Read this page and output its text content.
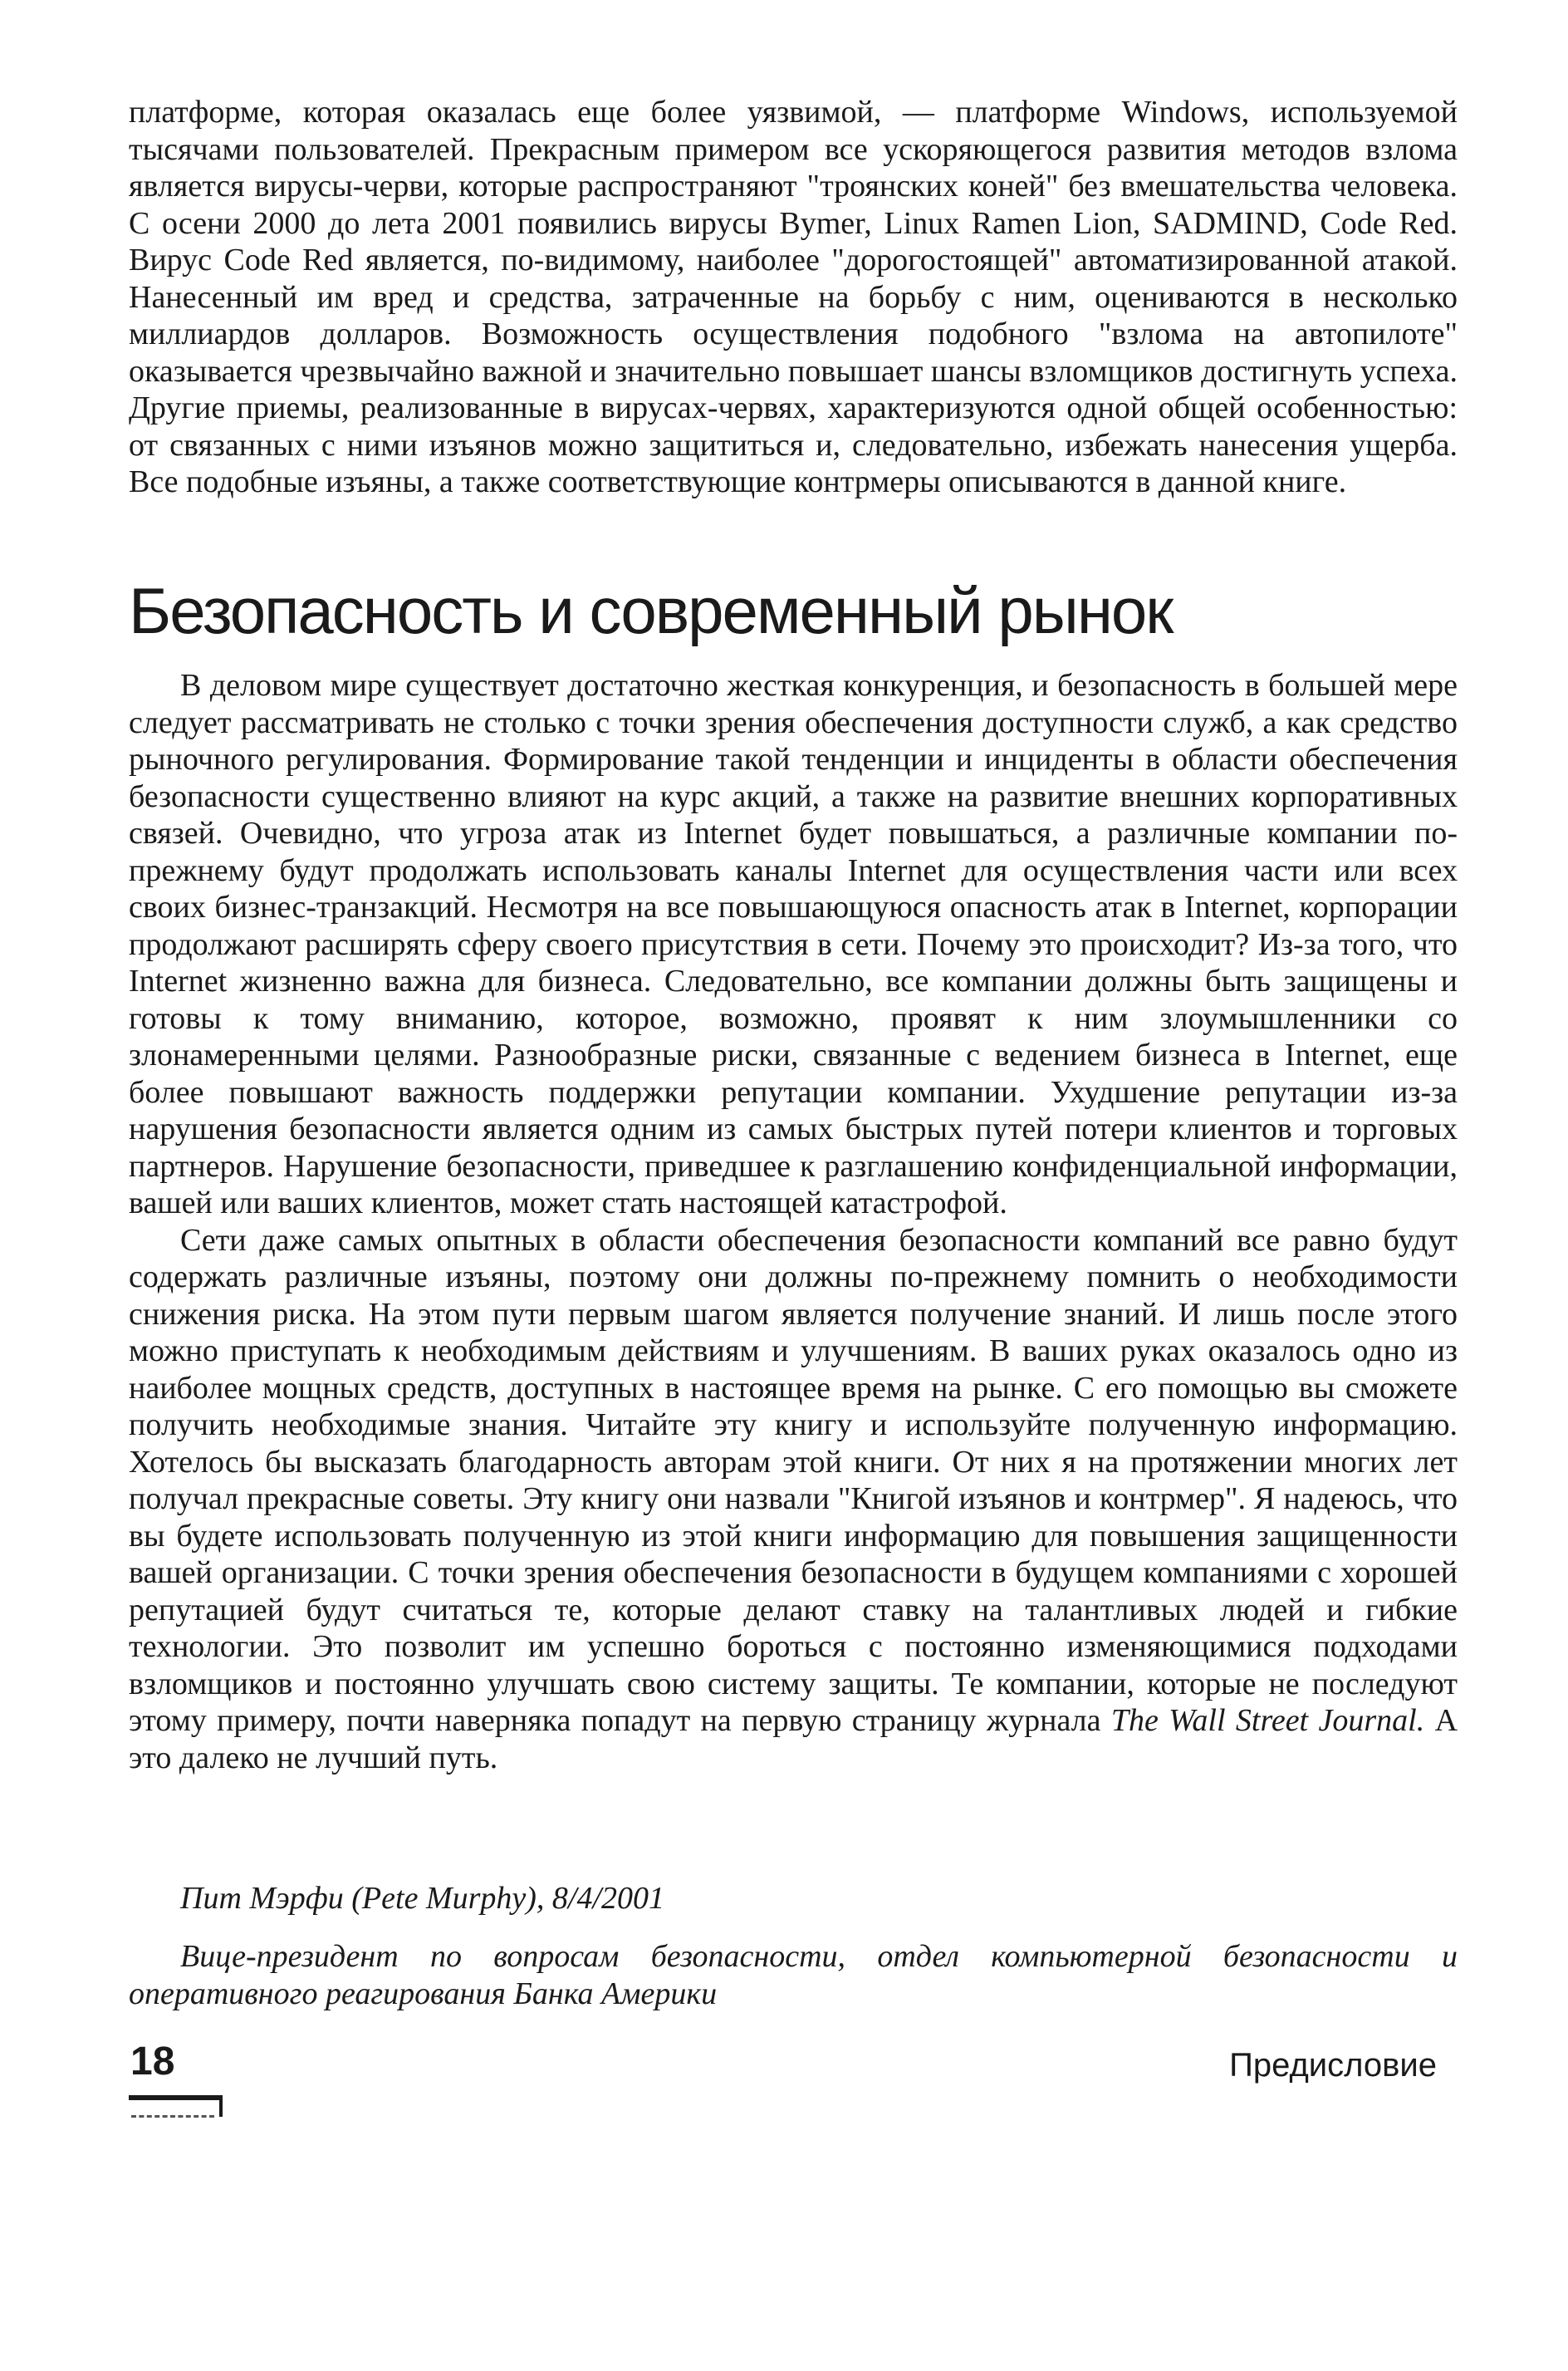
платформе, которая оказалась еще более уязвимой, — платформе Windows, используемой тысячами пользователей. Прекрасным примером все ускоряющегося развития методов взлома является вирусы-черви, которые распространяют "троянских коней" без вмешательства человека. С осени 2000 до лета 2001 появились вирусы Bymer, Linux Ramen Lion, SADMIND, Code Red. Вирус Code Red является, по-видимому, наиболее "дорогостоящей" автоматизированной атакой. Нанесенный им вред и средства, затраченные на борьбу с ним, оцениваются в несколько миллиардов долларов. Возможность осуществления подобного "взлома на автопилоте" оказывается чрезвычайно важной и значительно повышает шансы взломщиков достигнуть успеха. Другие приемы, реализованные в вирусах-червях, характеризуются одной общей особенностью: от связанных с ними изъянов можно защититься и, следовательно, избежать нанесения ущерба. Все подобные изъяны, а также соответствующие контрмеры описываются в данной книге.

Безопасность и современный рынок

В деловом мире существует достаточно жесткая конкуренция, и безопасность в большей мере следует рассматривать не столько с точки зрения обеспечения доступности служб, а как средство рыночного регулирования. Формирование такой тенденции и инциденты в области обеспечения безопасности существенно влияют на курс акций, а также на развитие внешних корпоративных связей. Очевидно, что угроза атак из Internet будет повышаться, а различные компании по-прежнему будут продолжать использовать каналы Internet для осуществления части или всех своих бизнес-транзакций. Несмотря на все повышающуюся опасность атак в Internet, корпорации продолжают расширять сферу своего присутствия в сети. Почему это происходит? Из-за того, что Internet жизненно важна для бизнеса. Следовательно, все компании должны быть защищены и готовы к тому вниманию, которое, возможно, проявят к ним злоумышленники со злонамеренными целями. Разнообразные риски, связанные с ведением бизнеса в Internet, еще более повышают важность поддержки репутации компании. Ухудшение репутации из-за нарушения безопасности является одним из самых быстрых путей потери клиентов и торговых партнеров. Нарушение безопасности, приведшее к разглашению конфиденциальной информации, вашей или ваших клиентов, может стать настоящей катастрофой.

Сети даже самых опытных в области обеспечения безопасности компаний все равно будут содержать различные изъяны, поэтому они должны по-прежнему помнить о необходимости снижения риска. На этом пути первым шагом является получение знаний. И лишь после этого можно приступать к необходимым действиям и улучшениям. В ваших руках оказалось одно из наиболее мощных средств, доступных в настоящее время на рынке. С его помощью вы сможете получить необходимые знания. Читайте эту книгу и используйте полученную информацию. Хотелось бы высказать благодарность авторам этой книги. От них я на протяжении многих лет получал прекрасные советы. Эту книгу они назвали "Книгой изъянов и контрмер". Я надеюсь, что вы будете использовать полученную из этой книги информацию для повышения защищенности вашей организации. С точки зрения обеспечения безопасности в будущем компаниями с хорошей репутацией будут считаться те, которые делают ставку на талантливых людей и гибкие технологии. Это позволит им успешно бороться с постоянно изменяющимися подходами взломщиков и постоянно улучшать свою систему защиты. Те компании, которые не последуют этому примеру, почти наверняка попадут на первую страницу журнала The Wall Street Journal. А это далеко не лучший путь.

Пит Мэрфи (Pete Murphy), 8/4/2001
Вице-президент по вопросам безопасности, отдел компьютерной безопасности и оперативного реагирования Банка Америки
18	Предисловие
